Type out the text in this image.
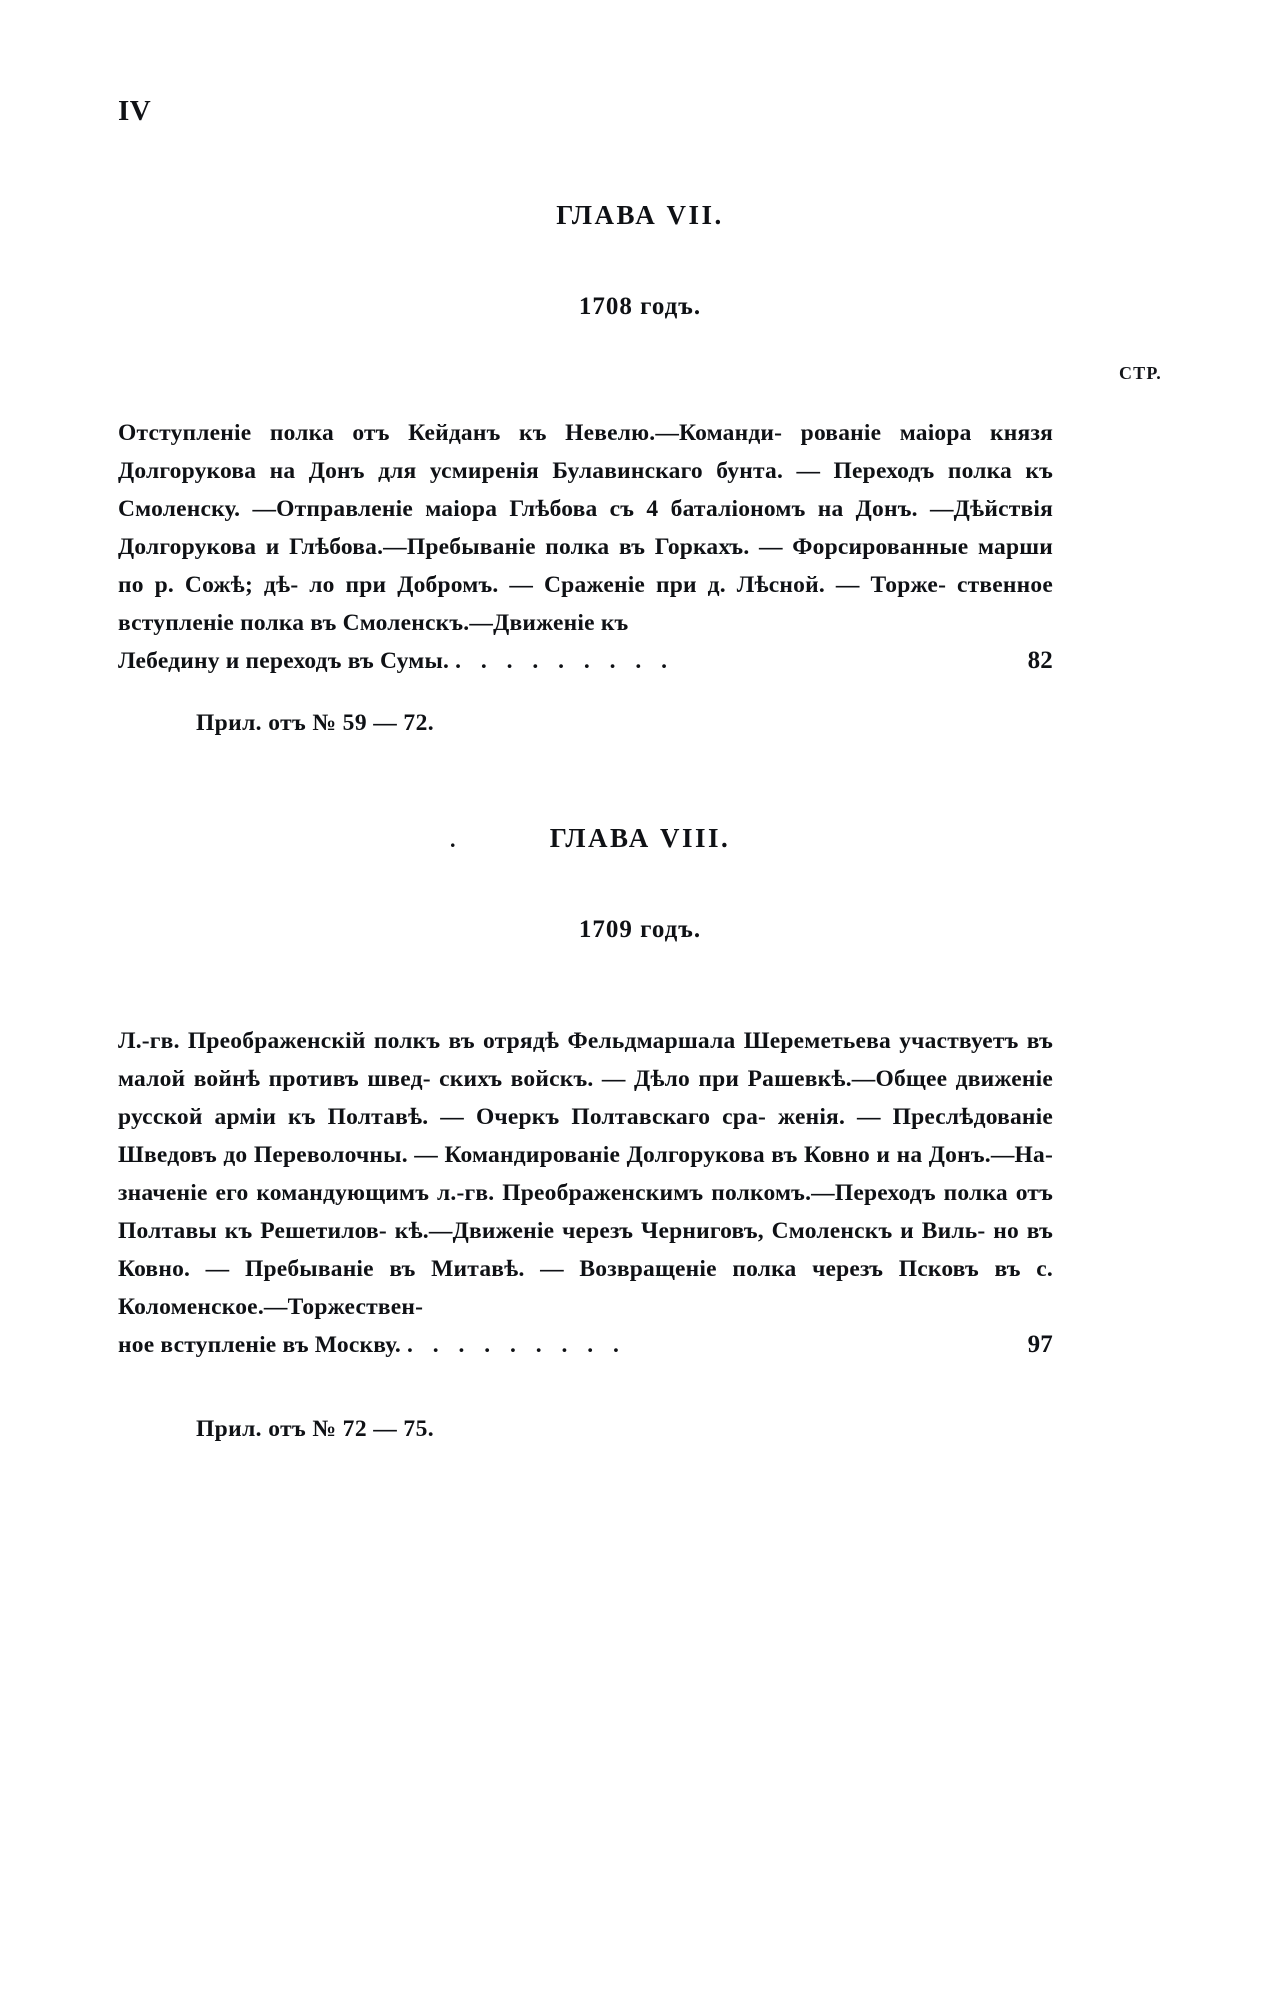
IV
ГЛАВА VII.
1708 годъ.
СТР.
Отступленіе полка отъ Кейданъ къ Невелю.—Команди- рованіе маіора князя Долгорукова на Донъ для усмиренія Булавинскаго бунта. — Переходъ полка къ Смоленску. —Отправленіе маіора Глѣбова съ 4 баталіономъ на Донъ. —Дѣйствія Долгорукова и Глѣбова.—Пребываніе полка въ Горкахъ. — Форсированные марши по р. Сожѣ; дѣ- ло при Добромъ. — Сраженіе при д. Лѣсной. — Торже- ственное вступленіе полка въ Смоленскъ.—Движеніе къ
Лебедину и переходъ въ Сумы. . . . . . . . . .	82
Прил. отъ № 59 — 72.
.	ГЛАВА VIII.
1709 годъ.
Л.-гв. Преображенскій полкъ въ отрядѣ Фельдмаршала Шереметьева участвуетъ въ малой войнѣ противъ швед- скихъ войскъ. — Дѣло при Рашевкѣ.—Общее движеніе русской арміи къ Полтавѣ. — Очеркъ Полтавскаго сра- женія. — Преслѣдованіе Шведовъ до Переволочны. — Командированіе Долгорукова въ Ковно и на Донъ.—На- значеніе его командующимъ л.-гв. Преображенскимъ полкомъ.—Переходъ полка отъ Полтавы къ Решетилов- кѣ.—Движеніе черезъ Черниговъ, Смоленскъ и Виль- но въ Ковно. — Пребываніе въ Митавѣ. — Возвращеніе полка черезъ Псковъ въ с. Коломенское.—Торжествен-
ное вступленіе въ Москву. . . . . . . . . .	97
Прил. отъ № 72 — 75.
